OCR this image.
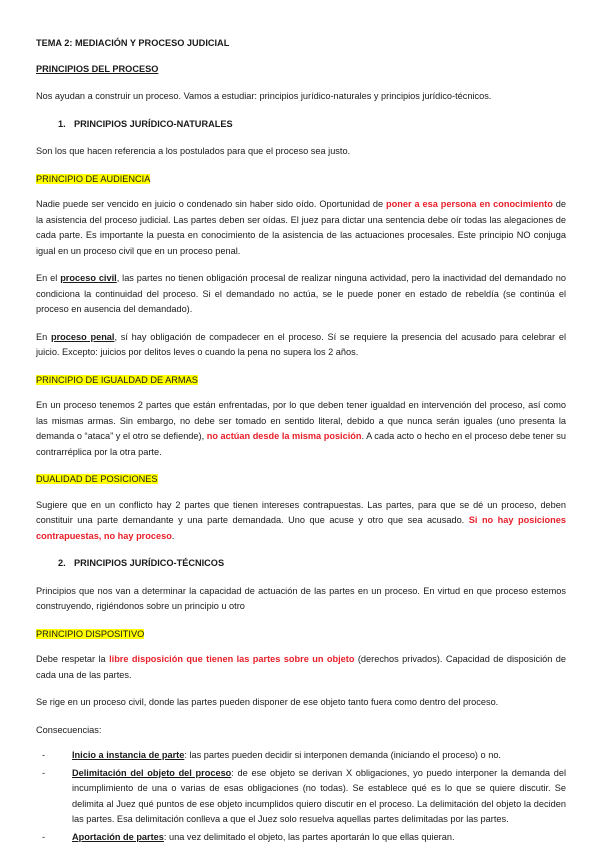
TEMA 2: MEDIACIÓN Y PROCESO JUDICIAL

PRINCIPIOS DEL PROCESO

Nos ayudan a construir un proceso. Vamos a estudiar: principios jurídico-naturales y principios jurídico-técnicos.

1. PRINCIPIOS JURÍDICO-NATURALES

Son los que hacen referencia a los postulados para que el proceso sea justo.

PRINCIPIO DE AUDIENCIA

Nadie puede ser vencido en juicio o condenado sin haber sido oído. Oportunidad de poner a esa persona en conocimiento de la asistencia del proceso judicial. Las partes deben ser oídas. El juez para dictar una sentencia debe oír todas las alegaciones de cada parte. Es importante la puesta en conocimiento de la asistencia de las actuaciones procesales. Este principio NO conjuga igual en un proceso civil que en un proceso penal.

En el proceso civil, las partes no tienen obligación procesal de realizar ninguna actividad, pero la inactividad del demandado no condiciona la continuidad del proceso. Si el demandado no actúa, se le puede poner en estado de rebeldía (se continúa el proceso en ausencia del demandado).

En proceso penal, sí hay obligación de compadecer en el proceso. Sí se requiere la presencia del acusado para celebrar el juicio. Excepto: juicios por delitos leves o cuando la pena no supera los 2 años.

PRINCIPIO DE IGUALDAD DE ARMAS

En un proceso tenemos 2 partes que están enfrentadas, por lo que deben tener igualdad en intervención del proceso, así como las mismas armas. Sin embargo, no debe ser tomado en sentido literal, debido a que nunca serán iguales (uno presenta la demanda o “ataca” y el otro se defiende), no actúan desde la misma posición. A cada acto o hecho en el proceso debe tener su contrarréplica por la otra parte.

DUALIDAD DE POSICIONES

Sugiere que en un conflicto hay 2 partes que tienen intereses contrapuestas. Las partes, para que se dé un proceso, deben constituir una parte demandante y una parte demandada. Uno que acuse y otro que sea acusado. Si no hay posiciones contrapuestas, no hay proceso.

2. PRINCIPIOS JURÍDICO-TÉCNICOS

Principios que nos van a determinar la capacidad de actuación de las partes en un proceso. En virtud en que proceso estemos construyendo, rigiéndonos sobre un principio u otro

PRINCIPIO DISPOSITIVO

Debe respetar la libre disposición que tienen las partes sobre un objeto (derechos privados). Capacidad de disposición de cada una de las partes.

Se rige en un proceso civil, donde las partes pueden disponer de ese objeto tanto fuera como dentro del proceso.

Consecuencias:

- Inicio a instancia de parte: las partes pueden decidir si interponen demanda (iniciando el proceso) o no.
- Delimitación del objeto del proceso: de ese objeto se derivan X obligaciones, yo puedo interponer la demanda del incumplimiento de una o varias de esas obligaciones (no todas). Se establece qué es lo que se quiere discutir. Se delimita al Juez qué puntos de ese objeto incumplidos quiero discutir en el proceso. La delimitación del objeto la deciden las partes. Esa delimitación conlleva a que el Juez solo resuelva aquellas partes delimitadas por las partes.
- Aportación de partes: una vez delimitado el objeto, las partes aportarán lo que ellas quieran.
